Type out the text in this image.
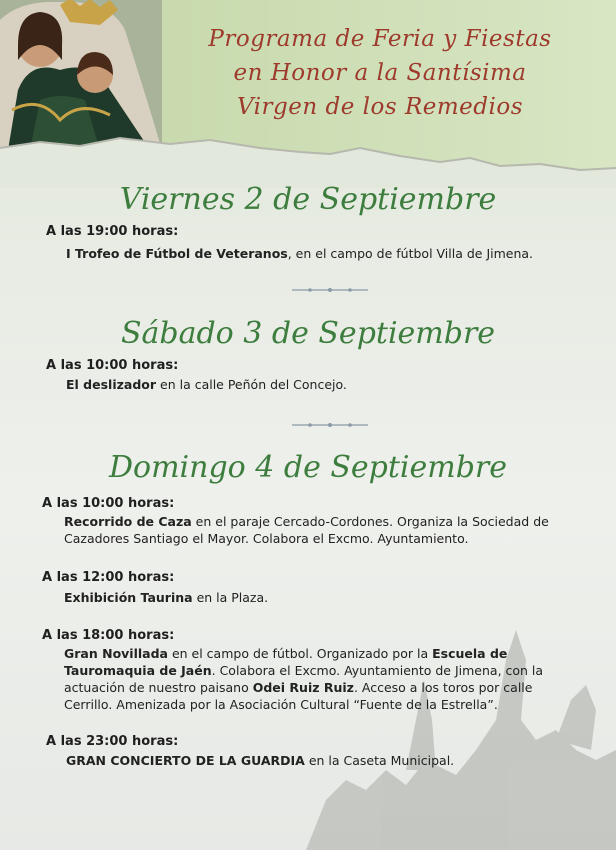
Programa de Feria y Fiestas
en Honor a la Santísima
Virgen de los Remedios
Viernes 2 de Septiembre
A las 19:00 horas:
I Trofeo de Fútbol de Veteranos, en el campo de fútbol Villa de Jimena.
Sábado 3 de Septiembre
A las 10:00 horas:
El deslizador en la calle Peñón del Concejo.
Domingo 4 de Septiembre
A las 10:00 horas:
Recorrido de Caza en el paraje Cercado-Cordones. Organiza la Sociedad de Cazadores Santiago el Mayor. Colabora el Excmo. Ayuntamiento.
A las 12:00 horas:
Exhibición Taurina en la Plaza.
A las 18:00 horas:
Gran Novillada en el campo de fútbol. Organizado por la Escuela de Tauromaquia de Jaén. Colabora el Excmo. Ayuntamiento de Jimena, con la actuación de nuestro paisano Odei Ruiz Ruiz. Acceso a los toros por calle Cerrillo. Amenizada por la Asociación Cultural “Fuente de la Estrella”.
A las 23:00 horas:
GRAN CONCIERTO DE LA GUARDIA en la Caseta Municipal.
